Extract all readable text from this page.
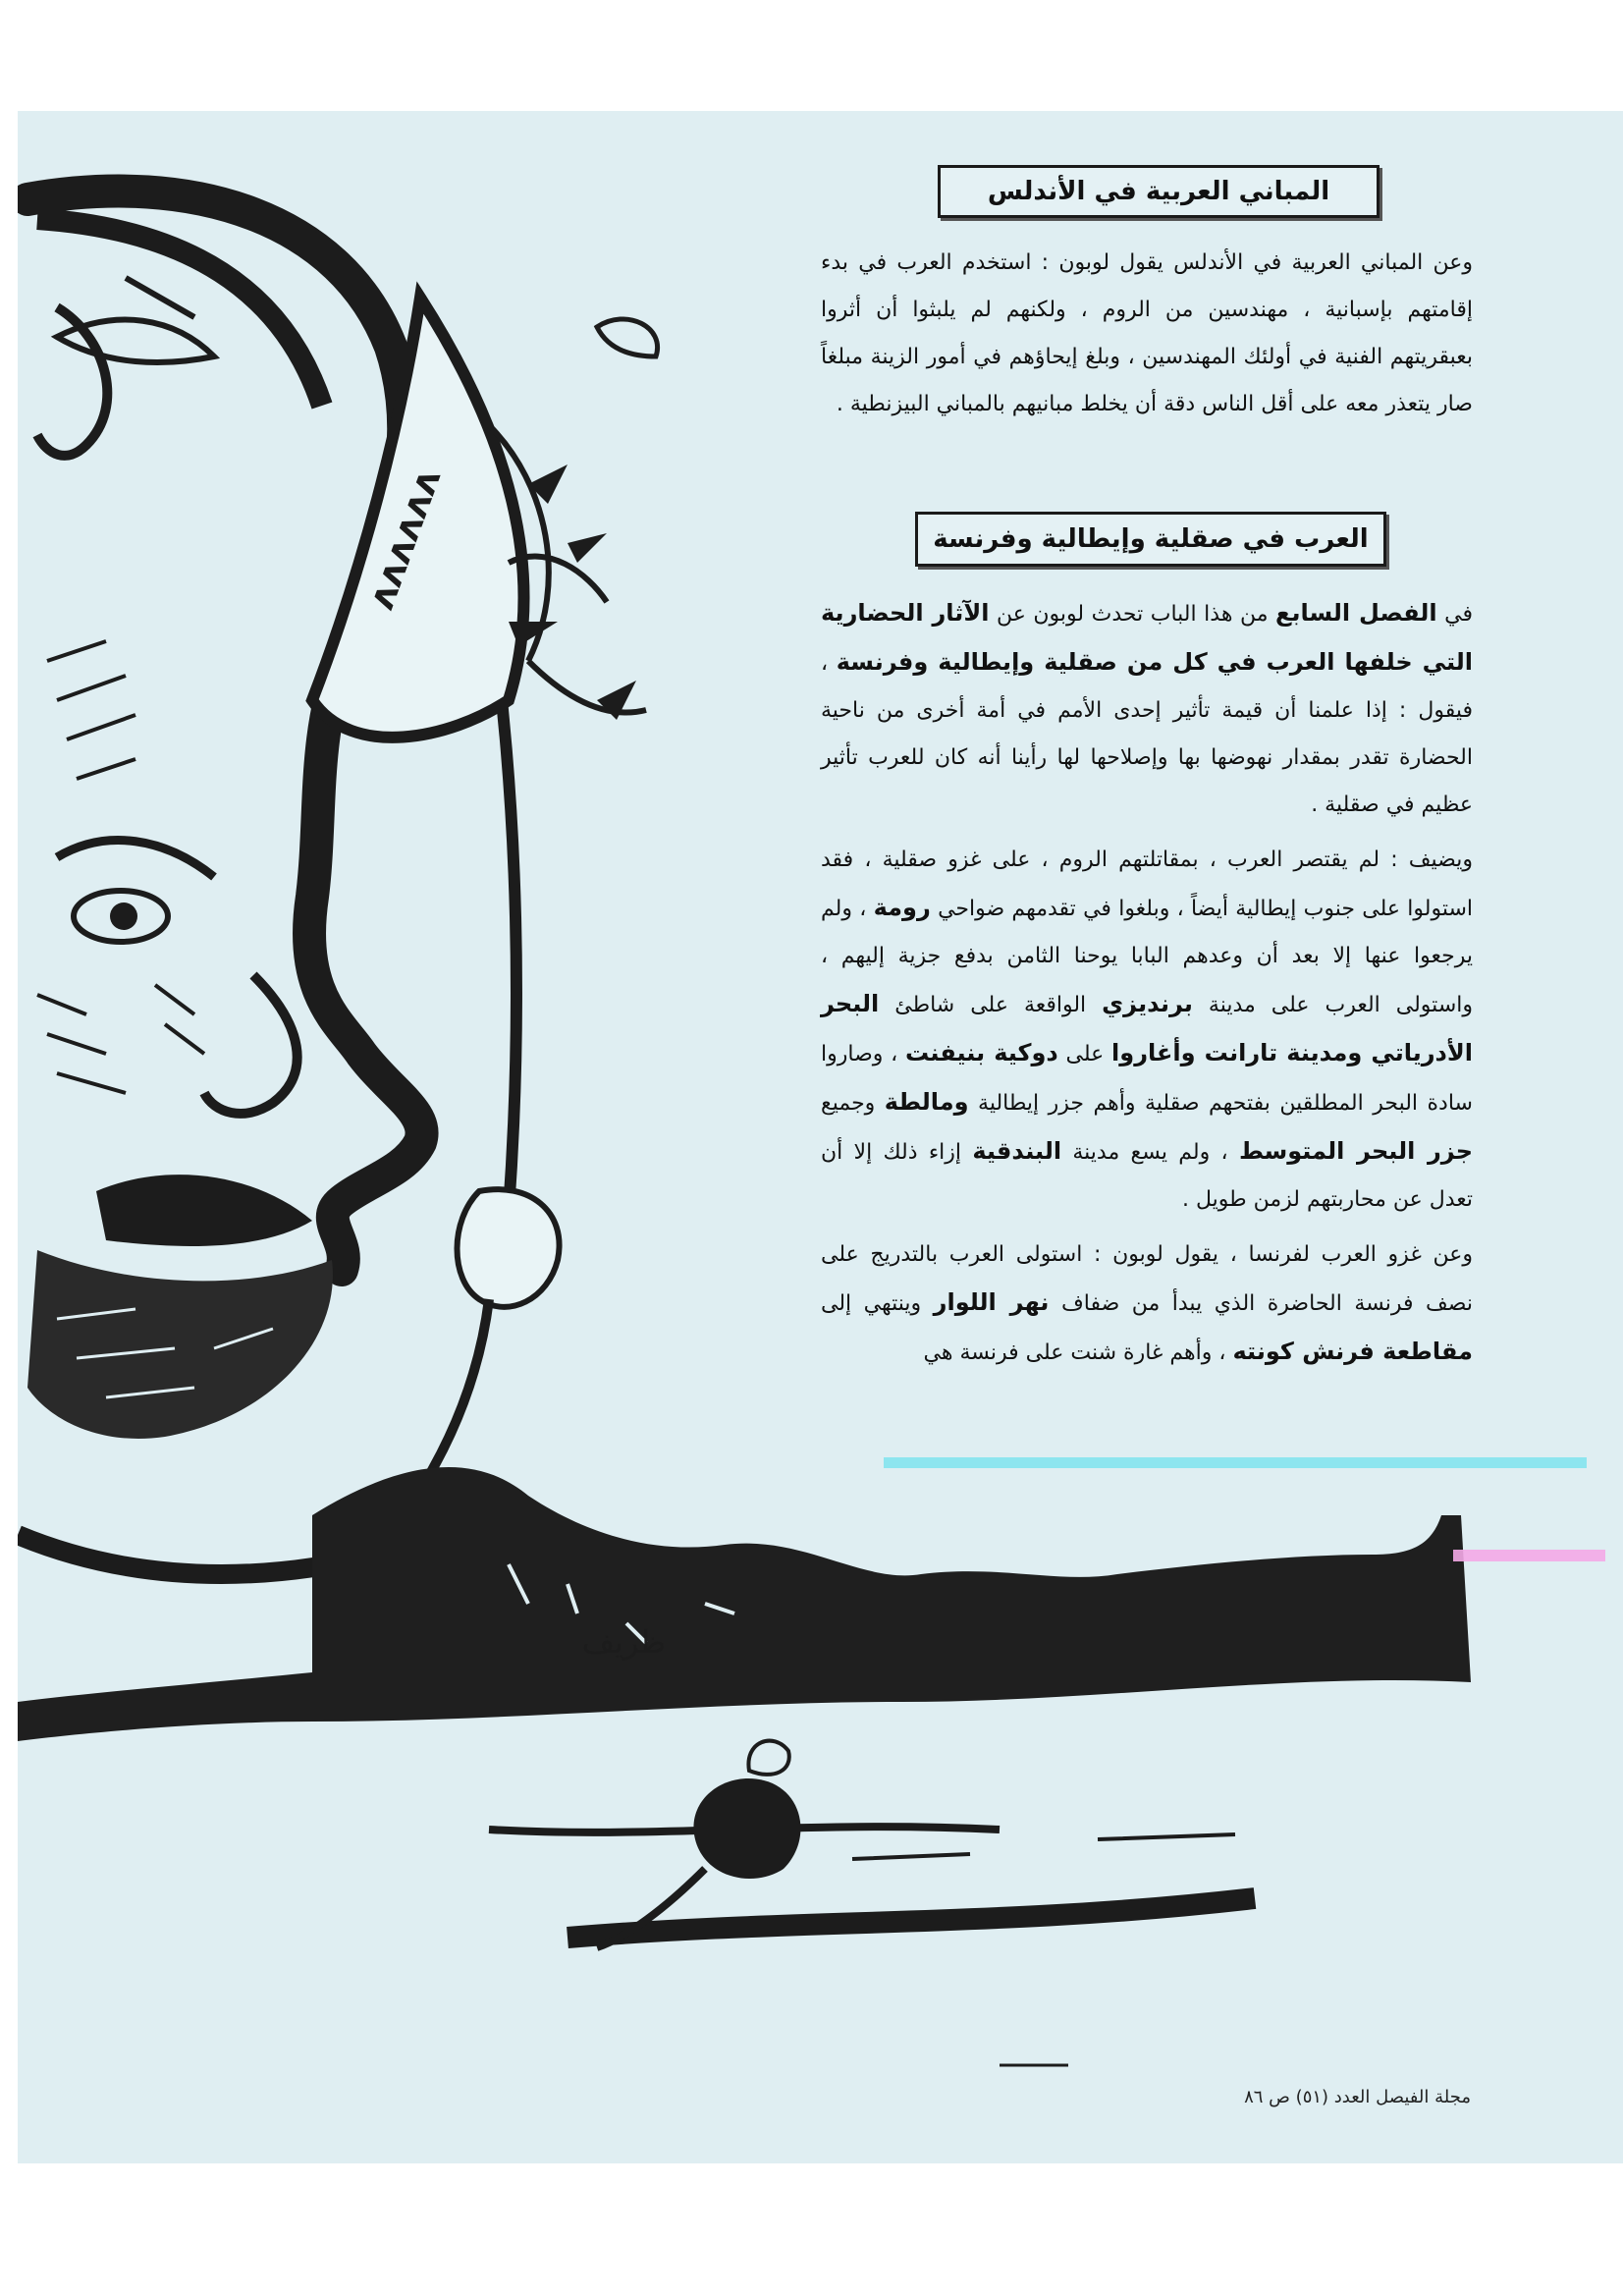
ᴧᴧᴧᴧᴧᴧ
ظريف
المباني العربية في الأندلس

وعن المباني العربية في الأندلس يقول لوبون : استخدم العرب في بدء إقامتهم بإسبانية ، مهندسين من الروم ، ولكنهم لم يلبثوا أن أثروا بعبقريتهم الفنية في أولئك المهندسين ، وبلغ إيحاؤهم في أمور الزينة مبلغاً صار يتعذر معه على أقل الناس دقة أن يخلط مبانيهم بالمباني البيزنطية .

العرب في صقلية وإيطالية وفرنسة

في الفصل السابع من هذا الباب تحدث لوبون عن الآثار الحضارية التي خلفها العرب في كل من صقلية وإيطالية وفرنسة ، فيقول : إذا علمنا أن قيمة تأثير إحدى الأمم في أمة أخرى من ناحية الحضارة تقدر بمقدار نهوضها بها وإصلاحها لها رأينا أنه كان للعرب تأثير عظيم في صقلية .

ويضيف : لم يقتصر العرب ، بمقاتلتهم الروم ، على غزو صقلية ، فقد استولوا على جنوب إيطالية أيضاً ، وبلغوا في تقدمهم ضواحي رومة ، ولم يرجعوا عنها إلا بعد أن وعدهم البابا يوحنا الثامن بدفع جزية إليهم ، واستولى العرب على مدينة برنديزي الواقعة على شاطئ البحر الأدرياتي ومدينة تارانت وأغاروا على دوكية بنيفنت ، وصاروا سادة البحر المطلقين بفتحهم صقلية وأهم جزر إيطالية ومالطة وجميع جزر البحر المتوسط ، ولم يسع مدينة البندقية إزاء ذلك إلا أن تعدل عن محاربتهم لزمن طويل .

وعن غزو العرب لفرنسا ، يقول لوبون : استولى العرب بالتدريج على نصف فرنسة الحاضرة الذي يبدأ من ضفاف نهر اللوار وينتهي إلى مقاطعة فرنش كونته ، وأهم غارة شنت على فرنسة هي

مجلة الفيصل العدد (٥١) ص ٨٦
